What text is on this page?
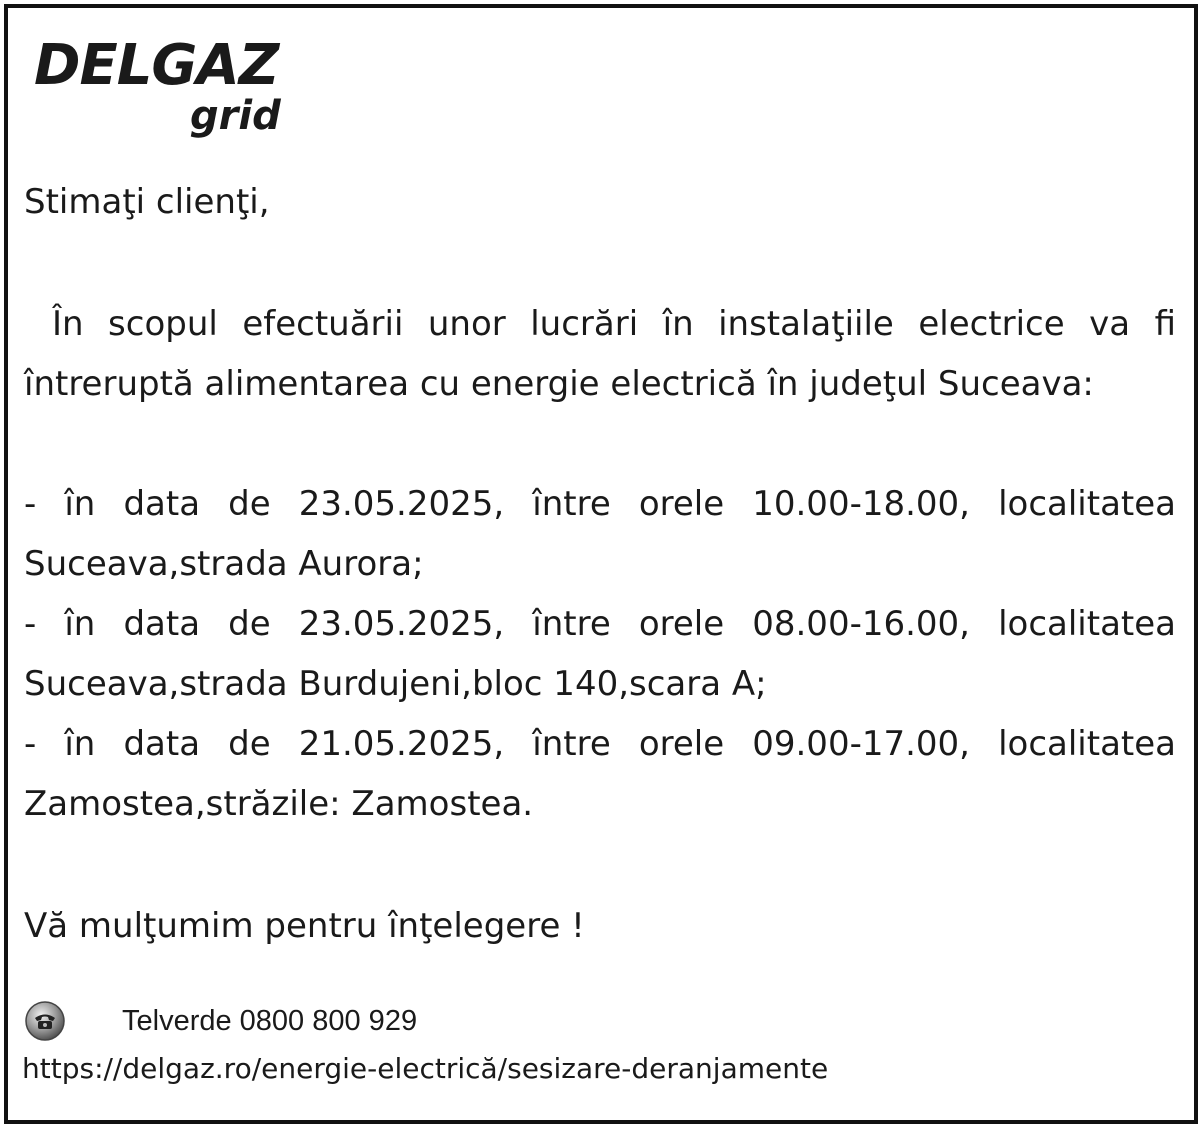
DELGAZ
grid

Stimaţi clienţi,

În scopul efectuării unor lucrări în instalaţiile electrice va fi întreruptă alimentarea cu energie electrică în judeţul Suceava:

- în data de 23.05.2025, între orele 10.00-18.00, localitatea Suceava,strada Aurora;
- în data de 23.05.2025, între orele 08.00-16.00, localitatea Suceava,strada Burdujeni,bloc 140,scara A;
- în data de 21.05.2025, între orele 09.00-17.00, localitatea Zamostea,străzile: Zamostea.

Vă mulţumim pentru înţelegere !

Telverde 0800 800 929
https://delgaz.ro/energie-electrică/sesizare-deranjamente
